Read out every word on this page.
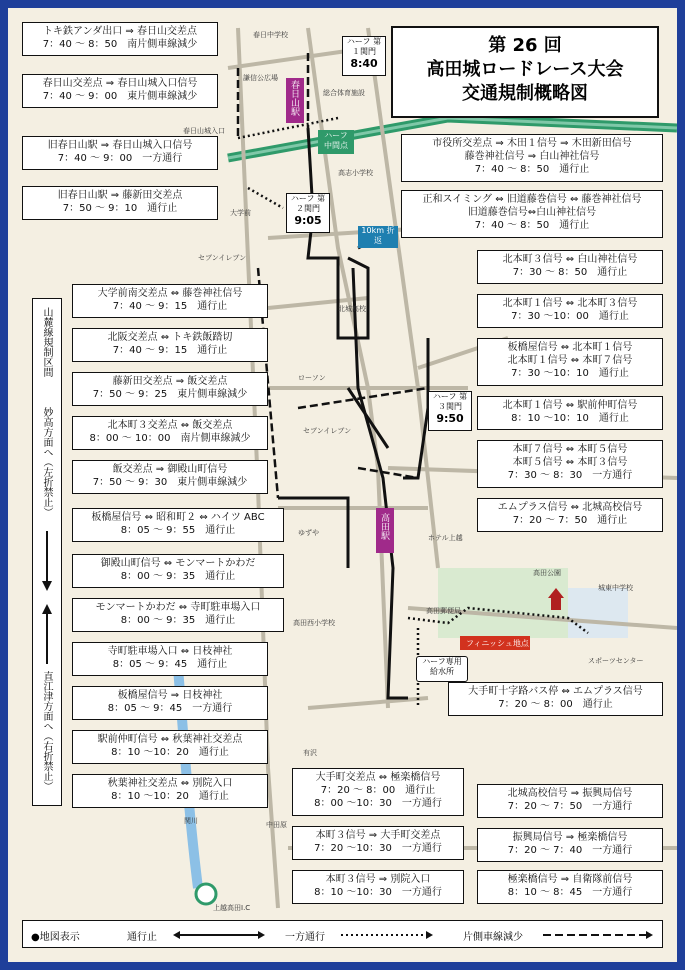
春日中学校
謙信公広場
総合体育施設
春日山城入口
高志小学校
大学前
セブンイレブン
北城高校
ローソン
セブンイレブン
ゆずや
高田西小学校
ホテル上越
高田公園
城東中学校
スポーツセンター
上越高田I.C
高田郵便局
有沢
中田原
関川
春日山駅
高田駅
フィニッシュ地点
ハーフ専用 給水所
ハーフ 第１関門
8:40
ハーフ 第２関門
9:05
ハーフ 第３関門
9:50
ハーフ 中間点
10km 折返
第 26 回
高田城ロードレース大会
交通規制概略図
山麓線規制区間
妙高方面へ（左折禁止）
直江津方面へ（右折禁止）
トキ鉄アンダ出口 ⇒ 春日山交差点
7：40 ～ 8：50　南片側車線減少
春日山交差点 ⇒ 春日山城入口信号
7：40 ～ 9：00　東片側車線減少
旧春日山駅 ⇒ 春日山城入口信号
7：40 ～ 9：00　一方通行
旧春日山駅 ⇒ 藤新田交差点
7：50 ～ 9：10　通行止
大学前南交差点 ⇔ 藤巻神社信号
7：40 ～ 9：15　通行止
北阪交差点 ⇔ トキ鉄飯踏切
7：40 ～ 9：15　通行止
藤新田交差点 ⇒ 飯交差点
7：50 ～ 9：25　東片側車線減少
北本町３交差点 ⇔ 飯交差点
8：00 ～ 10：00　南片側車線減少
飯交差点 ⇒ 御殿山町信号
7：50 ～ 9：30　東片側車線減少
板橋屋信号 ⇔ 昭和町２ ⇔ ハイツ ABC
8：05 ～ 9：55　通行止
御殿山町信号 ⇔ モンマートかわだ
8：00 ～ 9：35　通行止
モンマートかわだ ⇔ 寺町駐車場入口
8：00 ～ 9：35　通行止
寺町駐車場入口 ⇔ 日枝神社
8：05 ～ 9：45　通行止
板橋屋信号 ⇒ 日枝神社
8：05 ～ 9：45　一方通行
駅前仲町信号 ⇔ 秋葉神社交差点
8：10 ～10：20　通行止
秋葉神社交差点 ⇔ 別院入口
8：10 ～10：20　通行止
市役所交差点 ⇒ 木田１信号 ⇒ 木田新田信号
藤巻神社信号 ⇒ 白山神社信号
7：40 ～ 8：50　通行止
正和スイミング ⇔ 旧道藤巻信号 ⇔ 藤巻神社信号
旧道藤巻信号⇔白山神社信号
7：40 ～ 8：50　通行止
北本町３信号 ⇔ 白山神社信号
7：30 ～ 8：50　通行止
北本町１信号 ⇔ 北本町３信号
7：30 ～10：00　通行止
板橋屋信号 ⇔ 北本町１信号
北本町１信号 ⇔ 本町７信号
7：30 ～10：10　通行止
北本町１信号 ⇔ 駅前仲町信号
8：10 ～10：10　通行止
本町７信号 ⇔ 本町５信号
本町５信号 ⇔ 本町３信号
7：30 ～ 8：30　一方通行
エムプラス信号 ⇔ 北城高校信号
7：20 ～ 7：50　通行止
大手町十字路バス停 ⇔ エムプラス信号
7：20 ～ 8：00　通行止
大手町交差点 ⇔ 極楽橋信号
7：20 ～ 8：00　通行止
8：00 ～10：30　一方通行
本町３信号 ⇒ 大手町交差点
7：20 ～10：30　一方通行
本町３信号 ⇒ 別院入口
8：10 ～10：30　一方通行
北城高校信号 ⇒ 振興局信号
7：20 ～ 7：50　一方通行
振興局信号 ⇒ 極楽橋信号
7：20 ～ 7：40　一方通行
極楽橋信号 ⇒ 自衛隊前信号
8：10 ～ 8：45　一方通行
●地図表示	通行止	一方通行	片側車線減少
